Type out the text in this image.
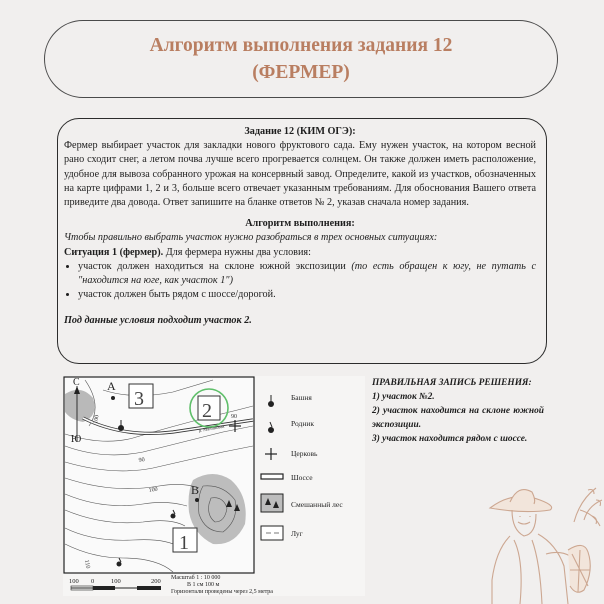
Алгоритм выполнения задания 12
(ФЕРМЕР)
Задание 12 (КИМ ОГЭ):
Фермер выбирает участок для закладки нового фруктового сада. Ему нужен участок, на котором весной рано сходит снег, а летом почва лучше всего прогревается солнцем. Он также должен иметь расположение, удобное для вывоза собранного урожая на консервный завод. Определите, какой из участков, обозначенных на карте цифрами 1, 2 и 3, больше всего отвечает указанным требованиям. Для обоснования Вашего ответа приведите два довода. Ответ запишите на бланке ответов № 2, указав сначала номер задания.
Алгоритм выполнения:
Чтобы правильно выбрать участок нужно разобраться в трех основных ситуациях:
Ситуация 1 (фермер). Для фермера нужны два условия:
• участок должен находиться на склоне южной экспозиции (то есть обращен к югу, не путать с "находится на юге, как участок 1")
• участок должен быть рядом с шоссе/дорогой.
Под данные условия подходит участок 2.
р. Малиновая
С
Ю
3
2
1
А
В
100	90
90
100
110
100 0	100	200 Масштаб 1 : 10 000
В 1 см 100 м
Горизонтали проведены через 2,5 метра
Башня
Родник
Церковь
Шоссе
Смешанный лес
Луг
ПРАВИЛЬНАЯ ЗАПИСЬ РЕШЕНИЯ:
1) участок №2.
2) участок находится на склоне южной экспозиции.
3) участок находится рядом с шоссе.
